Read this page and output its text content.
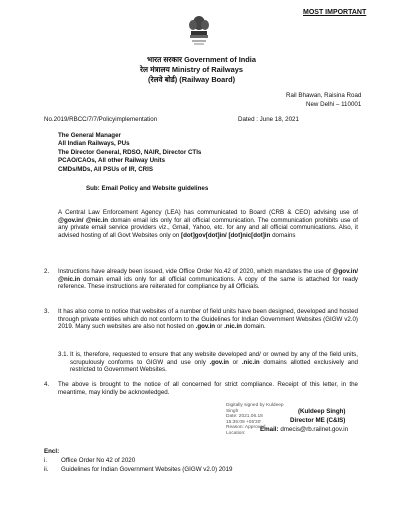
MOST IMPORTANT
भारत सरकार Government of India
रेल मंत्रालय Ministry of Railways
(रेलवे बोर्ड) (Railway Board)
Rail Bhawan, Raisina Road
New Delhi – 110001
No.2019/RBCC/7/7/Policyimplementation	Dated : June 18, 2021
The General Manager
All Indian Railways, PUs
The Director General, RDSO, NAIR, Director CTIs
PCAO/CAOs, All other Railway Units
CMDs/MDs, All PSUs of IR, CRIS
Sub: Email Policy and Website guidelines
A Central Law Enforcement Agency (LEA) has communicated to Board (CRB & CEO) advising use of @gov.in/ @nic.in domain email ids only for all official communication. The communication prohibits use of any private email service providers viz., Gmail, Yahoo, etc. for any and all official communications. Also, it advised hosting of all Govt Websites only on [dot]gov[dot]in/ [dot]nic[dot]in domains
2. Instructions have already been issued, vide Office Order No.42 of 2020, which mandates the use of @gov.in/ @nic.in domain email ids only for all official communications. A copy of the same is attached for ready reference. These instructions are reiterated for compliance by all Officials.
3. It has also come to notice that websites of a number of field units have been designed, developed and hosted through private entities which do not conform to the Guidelines for Indian Government Websites (GIGW v2.0) 2019. Many such websites are also not hosted on .gov.in or .nic.in domain.
3.1. It is, therefore, requested to ensure that any website developed and/ or owned by any of the field units, scrupulously conforms to GIGW and use only .gov.in or .nic.in domains allotted exclusively and restricted to Government Websites.
4. The above is brought to the notice of all concerned for strict compliance. Receipt of this letter, in the meantime, may kindly be acknowledged.
Digitally signed by Kuldeep
Singh
Date: 2021.06.18
15:35:09 +05'30'
Reason: Approved
Location:
(Kuldeep Singh)
Director ME (C&IS)
Email: dmecis@rb.railnet.gov.in
Encl:
i. Office Order No 42 of 2020
ii. Guidelines for Indian Government Websites (GIGW v2.0) 2019
